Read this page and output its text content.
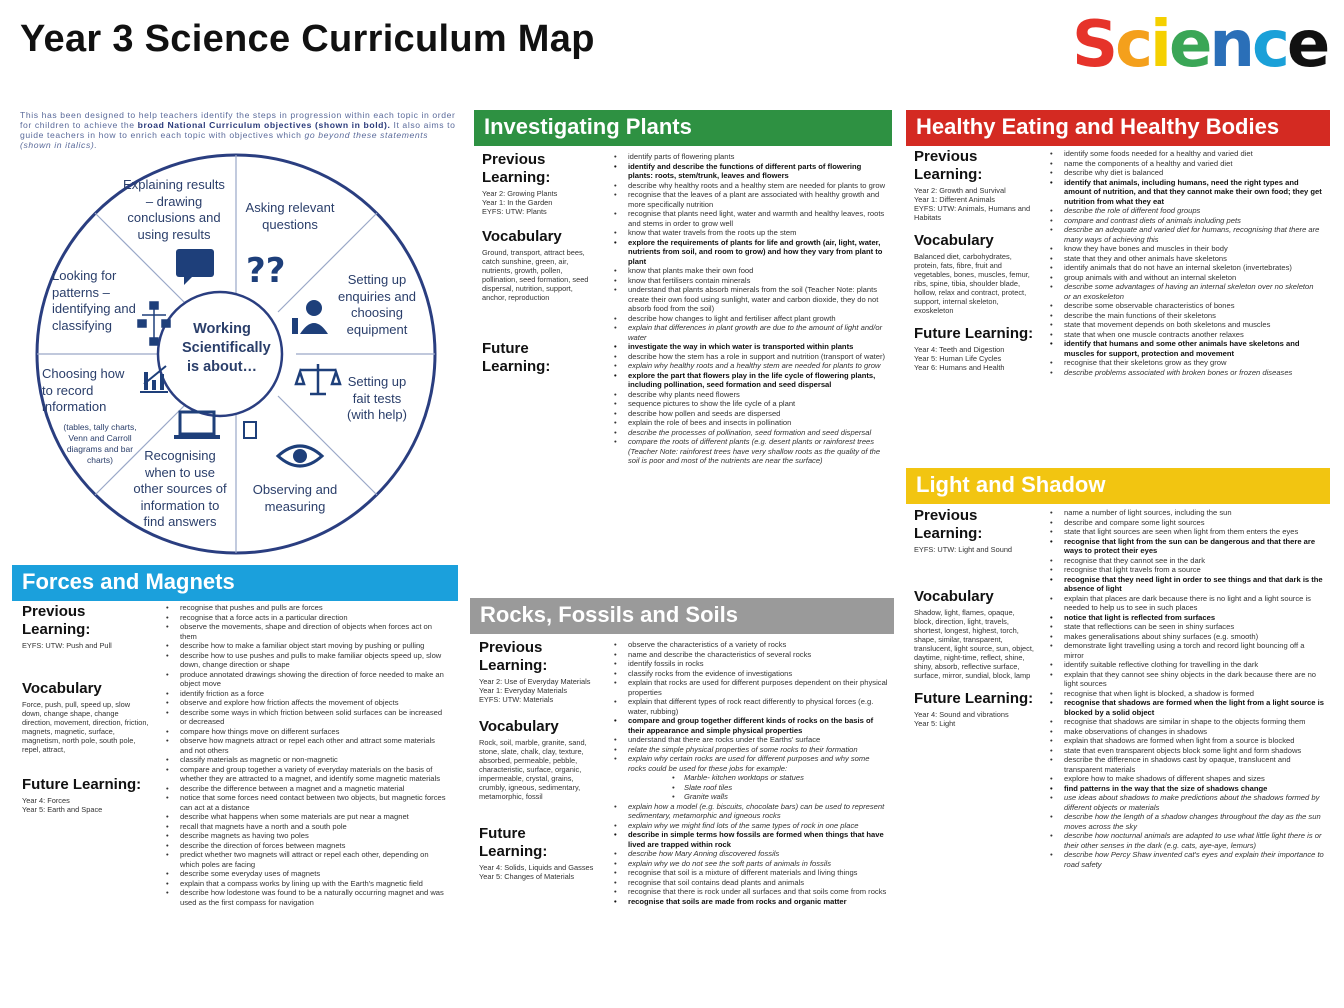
Year 3 Science Curriculum Map	Science
This has been designed to help teachers identify the steps in progression within each topic in order for children to achieve the broad National Curriculum objectives (shown in bold). It also aims to guide teachers in how to enrich each topic with objectives which go beyond these statements (shown in italics).
??
Working Scientifically is about…
Explaining results – drawing conclusions and using results
Asking relevant questions
Setting up enquiries and choosing equipment
Setting up fait tests (with help)
Observing and measuring
Recognising when to use other sources of information to find answers
Choosing how to record information
(tables, tally charts, Venn and Carroll diagrams and bar charts)
Looking for patterns – identifying and classifying
Investigating Plants	Healthy Eating and Healthy Bodies
Light and Shadow
Forces and Magnets
Rocks, Fossils and Soils
Previous Learning:
Year 2: Growing Plants
Year 1: In the Garden
EYFS: UTW: Plants
Vocabulary

Ground, transport, attract bees, catch sunshine, green, air, nutrients, growth, pollen, pollination, seed formation, seed dispersal, nutrition, support, anchor, reproduction

Future Learning:
• identify parts of flowering plants
• identify and describe the functions of different parts of flowering plants: roots, stem/trunk, leaves and flowers
• describe why healthy roots and a healthy stem are needed for plants to grow
• recognise that the leaves of a plant are associated with healthy growth and more specifically nutrition
• recognise that plants need light, water and warmth and healthy leaves, roots and stems in order to grow well
• know that water travels from the roots up the stem
• explore the requirements of plants for life and growth (air, light, water, nutrients from soil, and room to grow) and how they vary from plant to plant
• know that plants make their own food
• know that fertilisers contain minerals
• understand that plants absorb minerals from the soil (Teacher Note: plants create their own food using sunlight, water and carbon dioxide, they do not absorb food from the soil)
• describe how changes to light and fertiliser affect plant growth
• explain that differences in plant growth are due to the amount of light and/or water
• investigate the way in which water is transported within plants
• describe how the stem has a role in support and nutrition (transport of water)
• explain why healthy roots and a healthy stem are needed for plants to grow
• explore the part that flowers play in the life cycle of flowering plants, including pollination, seed formation and seed dispersal
• describe why plants need flowers
• sequence pictures to show the life cycle of a plant
• describe how pollen and seeds are dispersed
• explain the role of bees and insects in pollination
• describe the processes of pollination, seed formation and seed dispersal
• compare the roots of different plants (e.g. desert plants or rainforest trees (Teacher Note: rainforest trees have very shallow roots as the quality of the soil is poor and most of the nutrients are near the surface)
Previous Learning:
Year 2: Growth and Survival
Year 1: Different Animals
EYFS: UTW: Animals, Humans and Habitats
Vocabulary

Balanced diet, carbohydrates, protein, fats, fibre, fruit and vegetables, bones, muscles, femur, ribs, spine, tibia, shoulder blade, hollow, relax and contract, protect, support, internal skeleton, exoskeleton

Future Learning:
Year 4: Teeth and Digestion
Year 5: Human Life Cycles
Year 6: Humans and Health
• identify some foods needed for a healthy and varied diet
• name the components of a healthy and varied diet
• describe why diet is balanced
• identify that animals, including humans, need the right types and amount of nutrition, and that they cannot make their own food; they get nutrition from what they eat
• describe the role of different food groups
• compare and contrast diets of animals including pets
• describe an adequate and varied diet for humans, recognising that there are many ways of achieving this
• know they have bones and muscles in their body
• state that they and other animals have skeletons
• identify animals that do not have an internal skeleton (invertebrates)
• group animals with and without an internal skeleton
• describe some advantages of having an internal skeleton over no skeleton or an exoskeleton
• describe some observable characteristics of bones
• describe the main functions of their skeletons
• state that movement depends on both skeletons and muscles
• state that when one muscle contracts another relaxes
• identify that humans and some other animals have skeletons and muscles for support, protection and movement
• recognise that their skeletons grow as they grow
• describe problems associated with broken bones or frozen diseases
Previous Learning:
EYFS: UTW: Light and Sound
Vocabulary

Shadow, light, flames, opaque, block, direction, light, travels, shortest, longest, highest, torch, shape, similar, transparent, translucent, light source, sun, object, daytime, night-time, reflect, shine, shiny, absorb, reflective surface, surface, mirror, sundial, block, lamp

Future Learning:
Year 4: Sound and vibrations
Year 5: Light
• name a number of light sources, including the sun
• describe and compare some light sources
• state that light sources are seen when light from them enters the eyes
• recognise that light from the sun can be dangerous and that there are ways to protect their eyes
• recognise that they cannot see in the dark
• recognise that light travels from a source
• recognise that they need light in order to see things and that dark is the absence of light
• explain that places are dark because there is no light and a light source is needed to help us to see in such places
• notice that light is reflected from surfaces
• state that reflections can be seen in shiny surfaces
• makes generalisations about shiny surfaces (e.g. smooth)
• demonstrate light travelling using a torch and record light bouncing off a mirror
• identify suitable reflective clothing for travelling in the dark
• explain that they cannot see shiny objects in the dark because there are no light sources
• recognise that when light is blocked, a shadow is formed
• recognise that shadows are formed when the light from a light source is blocked by a solid object
• recognise that shadows are similar in shape to the objects forming them
• make observations of changes in shadows
• explain that shadows are formed when light from a source is blocked
• state that even transparent objects block some light and form shadows
• describe the difference in shadows cast by opaque, translucent and transparent materials
• explore how to make shadows of different shapes and sizes
• find patterns in the way that the size of shadows change
• use ideas about shadows to make predictions about the shadows formed by different objects or materials
• describe how the length of a shadow changes throughout the day as the sun moves across the sky
• describe how nocturnal animals are adapted to use what little light there is or their other senses in the dark (e.g. cats, aye-aye, lemurs)
• describe how Percy Shaw invented cat's eyes and explain their importance to road safety
Previous Learning:
EYFS: UTW: Push and Pull
Vocabulary

Force, push, pull, speed up, slow down, change shape, change direction, movement, direction, friction, magnets, magnetic, surface, magnetism, north pole, south pole, repel, attract,

Future Learning:
Year 4: Forces
Year 5: Earth and Space
• recognise that pushes and pulls are forces
• recognise that a force acts in a particular direction
• observe the movements, shape and direction of objects when forces act on them
• describe how to make a familiar object start moving by pushing or pulling
• describe how to use pushes and pulls to make familiar objects speed up, slow down, change direction or shape
• produce annotated drawings showing the direction of force needed to make an object move
• identify friction as a force
• observe and explore how friction affects the movement of objects
• describe some ways in which friction between solid surfaces can be increased or decreased
• compare how things move on different surfaces
• observe how magnets attract or repel each other and attract some materials and not others
• classify materials as magnetic or non-magnetic
• compare and group together a variety of everyday materials on the basis of whether they are attracted to a magnet, and identify some magnetic materials
• describe the difference between a magnet and a magnetic material
• notice that some forces need contact between two objects, but magnetic forces can act at a distance
• describe what happens when some materials are put near a magnet
• recall that magnets have a north and a south pole
• describe magnets as having two poles
• describe the direction of forces between magnets
• predict whether two magnets will attract or repel each other, depending on which poles are facing
• describe some everyday uses of magnets
• explain that a compass works by lining up with the Earth's magnetic field
• describe how lodestone was found to be a naturally occurring magnet and was used as the first compass for navigation
Previous Learning:
Year 2: Use of Everyday Materials
Year 1: Everyday Materials
EYFS: UTW: Materials
Vocabulary

Rock, soil, marble, granite, sand, stone, slate, chalk, clay, texture, absorbed, permeable, pebble, characteristic, surface, organic, impermeable, crystal, grains, crumbly, igneous, sedimentary, metamorphic, fossil

Future Learning:
Year 4: Solids, Liquids and Gasses
Year 5: Changes of Materials
• observe the characteristics of a variety of rocks
• name and describe the characteristics of several rocks
• identify fossils in rocks
• classify rocks from the evidence of investigations
• explain that rocks are used for different purposes dependent on their physical properties
• explain that different types of rock react differently to physical forces (e.g. water, rubbing)
• compare and group together different kinds of rocks on the basis of their appearance and simple physical properties
• understand that there are rocks under the Earths' surface
• relate the simple physical properties of some rocks to their formation
• explain why certain rocks are used for different purposes and why some rocks could be used for these jobs for example:
• Marble- kitchen worktops or statues
• Slate roof tiles
• Granite walls
• explain how a model (e.g. biscuits, chocolate bars) can be used to represent sedimentary, metamorphic and igneous rocks
• explain why we might find lots of the same types of rock in one place
• describe in simple terms how fossils are formed when things that have lived are trapped within rock
• describe how Mary Anning discovered fossils
• explain why we do not see the soft parts of animals in fossils
• recognise that soil is a mixture of different materials and living things
• recognise that soil contains dead plants and animals
• recognise that there is rock under all surfaces and that soils come from rocks
• recognise that soils are made from rocks and organic matter
